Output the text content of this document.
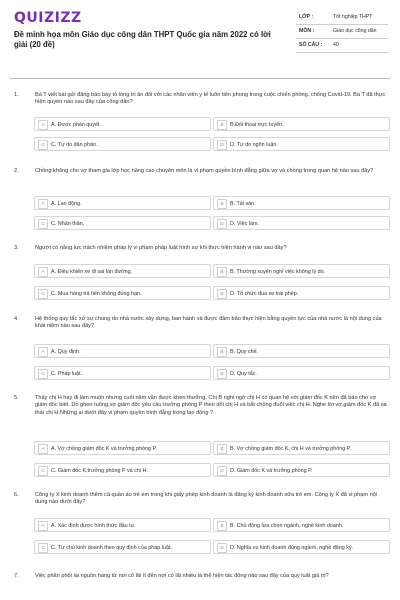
QUIZIZZ
Đề minh họa môn Giáo dục công dân THPT Quốc gia năm 2022 có lời giải (20 đề)
LỚP :	Tốt nghiệp THPT
MÔN :	Giáo dục công dân
SỐ CÂU :	40
1.	Bà T viết bài gửi đăng báo bày tỏ lòng tri ân đối với các nhân viên y tế luôn tiên phong trong cuộc chiến phòng, chống Covid-19. Bà T đã thực hiện quyền nào sau đây của công dân?
A	A. Được phán quyết.	B	B.Đối thoại trực tuyến.
C	C. Tự do dân phán.	D	D. Tự do ngôn luận.
2.	Chồng không cho vợ tham gia lớp học nâng cao chuyên môn là vi phạm quyền bình đẳng giữa vợ và chồng trong quan hệ nào sau đây?
A	A. Lao động.	B	B. Tài sản.
C	C. Nhân thân.	D	D. Việc làm.
3.	Người có năng lực trách nhiệm pháp lý vi phạm pháp luật hình sự khi thực hiện hành vi nào sau đây?
A	A. Điều khiển xe đi sai làn đường.	B	B. Thường xuyên nghỉ việc không lý do.
C	C. Mua hàng trả tiền không đúng hạn.	D	D. Tổ chức đua xe trái phép.
4.	Hệ thống quy tắc xử sự chung do nhà nước xây dựng, ban hành và được đảm bảo thực hiện bằng quyền lực của nhà nước là nội dung của khái niệm nào sau đây?
A	A. Quy định.	B	B. Quy chế.
C	C. Pháp luật.	D	D. Quy tắc.
5.	Thấy chị H hay đi làm muộn nhưng cuối năm vẫn được khen thưởng. Chị B nghi ngờ chị H có quan hệ với giám đốc K nên đã báo cho vợ giám đốc biết. Do ghen tuông,vợ giám đốc yêu cầu trưởng phòng P theo dõi chị H và bắt chồng đuổi việc chị H. Nghe lời vợ,giám đốc K đã sa thải chị H.Những ai dưới đây vi phạm quyền bình đẳng trong lao động ?
A	A. Vợ chồng giám đốc K và trưởng phòng P.	B	B. Vợ chồng giám đốc K, chị H và trưởng phòng P.
C	C. Giám đốc K,trưởng phòng P và chị H.	D	D. Giám đốc K và trưởng phòng P.
6.	Công ty X kinh doanh thêm cả quần áo trẻ em trong khi giấy phép kinh doanh là đăng ký kinh doanh sữa trẻ em. Công ty X đã vi phạm nội dung nào dưới đây?
A	A. Xác định được hình thức đầu tư.	B	B. Chủ động lựa chọn ngành, nghề kinh doanh.
C	C. Tự chủ kinh doanh theo quy định của pháp luật.	D	D. Nghĩa vụ kinh doanh đúng ngành, nghề đăng ký.
7.	Việc phân phối lại nguồn hàng từ nơi có lãi ít đến nơi có lãi nhiều là thể hiện tác động nào sau đây của quy luật giá trị?
